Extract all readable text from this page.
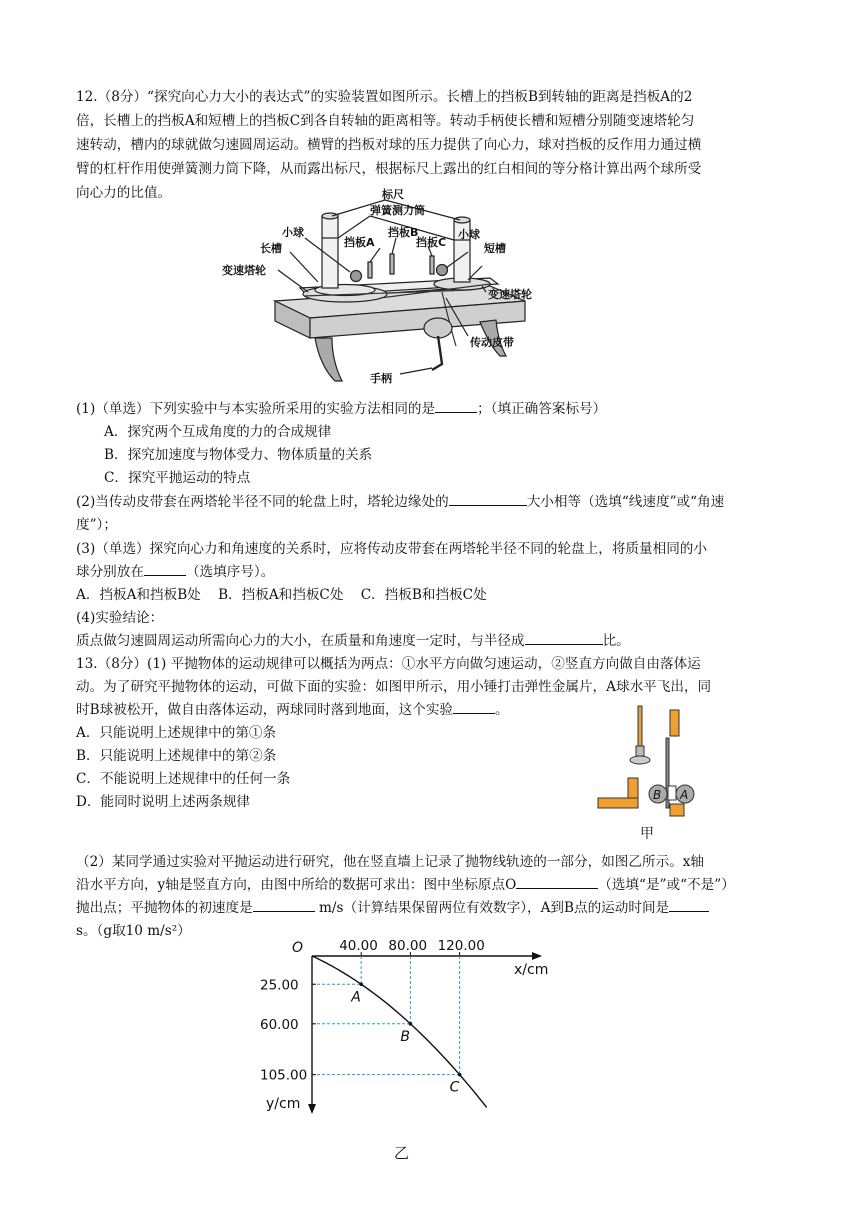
12.（8分）“探究向心力大小的表达式”的实验装置如图所示。长槽上的挡板B到转轴的距离是挡板A的2
倍，长槽上的挡板A和短槽上的挡板C到各自转轴的距离相等。转动手柄使长槽和短槽分别随变速塔轮匀
速转动，槽内的球就做匀速圆周运动。横臂的挡板对球的压力提供了向心力，球对挡板的反作用力通过横
臂的杠杆作用使弹簧测力筒下降，从而露出标尺，根据标尺上露出的红白相间的等分格计算出两个球所受
向心力的比值。	标尺
弹簧测力筒
小球	挡板B
挡板A	挡板C
小球
长槽	短槽
变速塔轮
变速塔轮
传动皮带
手柄
(1)（单选）下列实验中与本实验所采用的实验方法相同的是	；（填正确答案标号）
A．探究两个互成角度的力的合成规律
B．探究加速度与物体受力、物体质量的关系
C．探究平抛运动的特点
(2)当传动皮带套在两塔轮半径不同的轮盘上时，塔轮边缘处的	大小相等（选填“线速度”或“角速
度”）；
(3)（单选）探究向心力和角速度的关系时，应将传动皮带套在两塔轮半径不同的轮盘上，将质量相同的小
球分别放在	（选填序号）。
A．挡板A和挡板B处    B．挡板A和挡板C处    C．挡板B和挡板C处
(4)实验结论：
质点做匀速圆周运动所需向心力的大小，在质量和角速度一定时，与半径成	比。
13.（8分）(1) 平抛物体的运动规律可以概括为两点：①水平方向做匀速运动，②竖直方向做自由落体运
动。为了研究平抛物体的运动，可做下面的实验：如图甲所示，用小锤打击弹性金属片，A球水平飞出，同
时B球被松开，做自由落体运动，两球同时落到地面，这个实验	。
A．只能说明上述规律中的第①条
B．只能说明上述规律中的第②条
C．不能说明上述规律中的任何一条
D．能同时说明上述两条规律	B A
甲
（2）某同学通过实验对平抛运动进行研究，他在竖直墙上记录了抛物线轨迹的一部分，如图乙所示。x轴
沿水平方向，y轴是竖直方向，由图中所给的数据可求出：图中坐标原点O	（选填“是”或“不是”）
抛出点；平抛物体的初速度是	m/s（计算结果保留两位有效数字），A到B点的运动时间是
s。（g取10 m/s²）
A
40.00
25.00
B
80.00
60.00
C
120.00
105.00
O
x/cm
y/cm
乙
